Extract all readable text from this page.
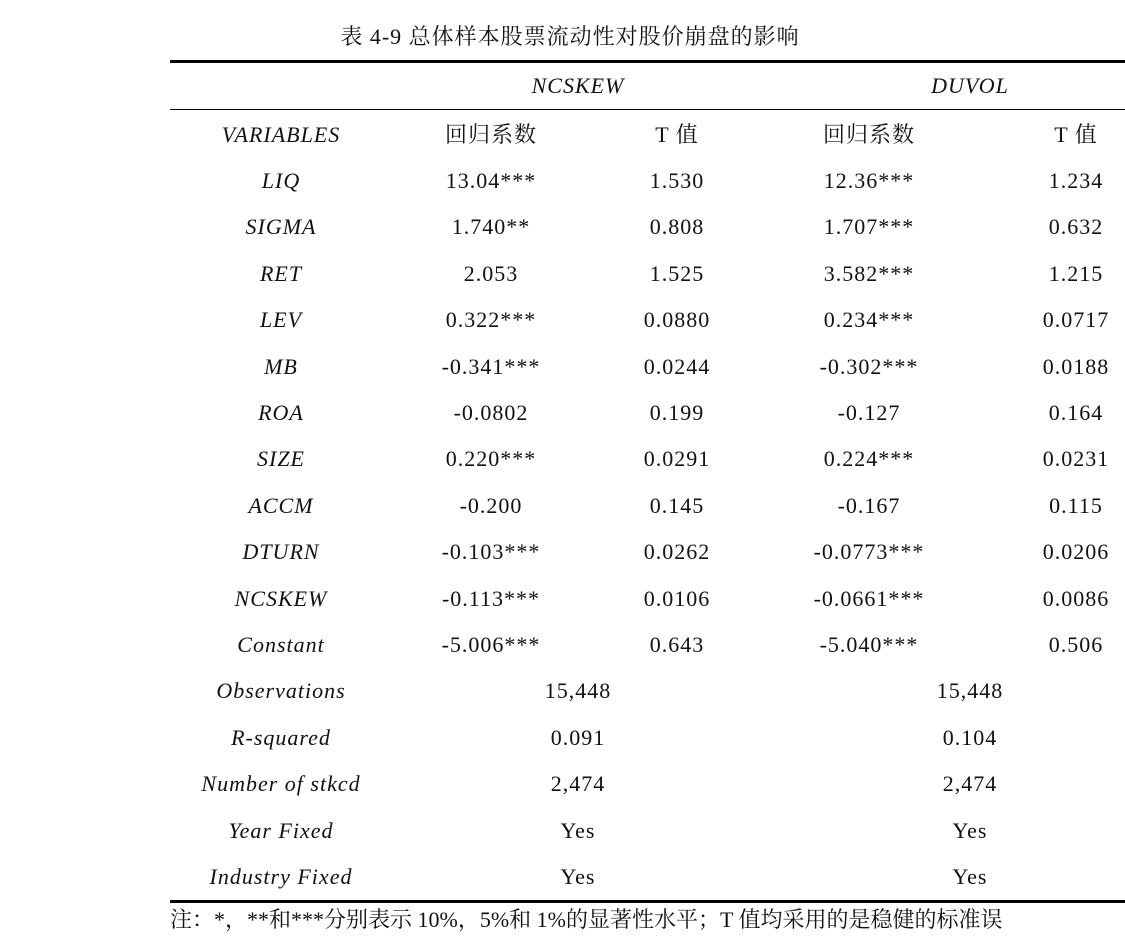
表 4-9 总体样本股票流动性对股价崩盘的影响
NCSKEW	DUVOL
VARIABLES	回归系数	T 值	回归系数	T 值
LIQ	13.04***	1.530	12.36***	1.234
SIGMA	1.740**	0.808	1.707***	0.632
RET	2.053	1.525	3.582***	1.215
LEV	0.322***	0.0880	0.234***	0.0717
MB	-0.341***	0.0244	-0.302***	0.0188
ROA	-0.0802	0.199	-0.127	0.164
SIZE	0.220***	0.0291	0.224***	0.0231
ACCM	-0.200	0.145	-0.167	0.115
DTURN	-0.103***	0.0262	-0.0773***	0.0206
NCSKEW	-0.113***	0.0106	-0.0661***	0.0086
Constant	-5.006***	0.643	-5.040***	0.506
Observations	15,448	15,448
R-squared	0.091	0.104
Number of stkcd	2,474	2,474
Year Fixed	Yes	Yes
Industry Fixed	Yes	Yes
注：*，**和***分别表示 10%，5%和 1%的显著性水平；T 值均采用的是稳健的标准误
